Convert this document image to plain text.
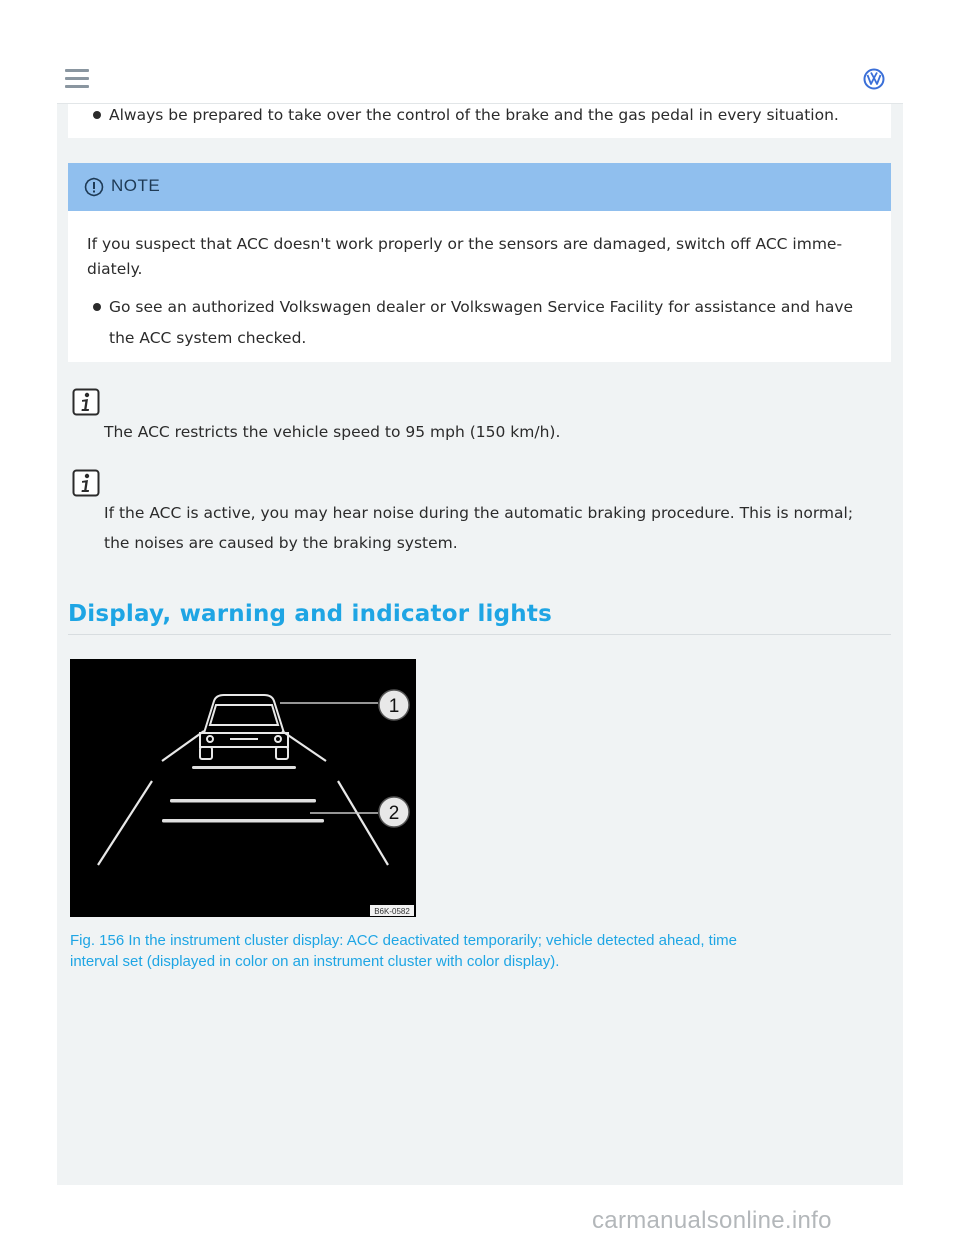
Always be prepared to take over the control of the brake and the gas pedal in every situation.
NOTE
If you suspect that ACC doesn't work properly or the sensors are damaged, switch off ACC imme-
diately.
Go see an authorized Volkswagen dealer or Volkswagen Service Facility for assistance and have
the ACC system checked.
The ACC restricts the vehicle speed to 95 mph (150 km/h).
If the ACC is active, you may hear noise during the automatic braking procedure. This is normal;
the noises are caused by the braking system.
Display, warning and indicator lights
1
2
B6K-0582
Fig. 156 In the instrument cluster display: ACC deactivated temporarily; vehicle detected ahead, time
interval set (displayed in color on an instrument cluster with color display).
carmanualsonline.info
